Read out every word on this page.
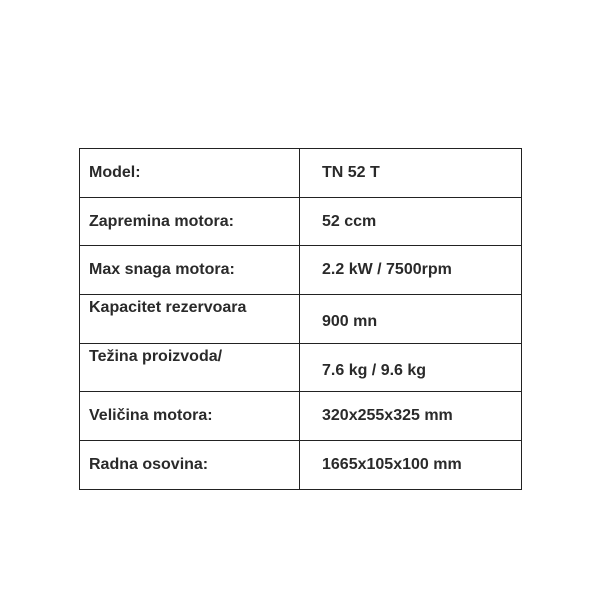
Model:	TN 52 T
Zapremina motora:	52 ccm
Max snaga motora:	2.2 kW / 7500rpm
Kapacitet rezervoara	900 mn
Težina proizvoda/	7.6 kg / 9.6 kg
Veličina motora:	320x255x325 mm
Radna osovina:	1665x105x100 mm
